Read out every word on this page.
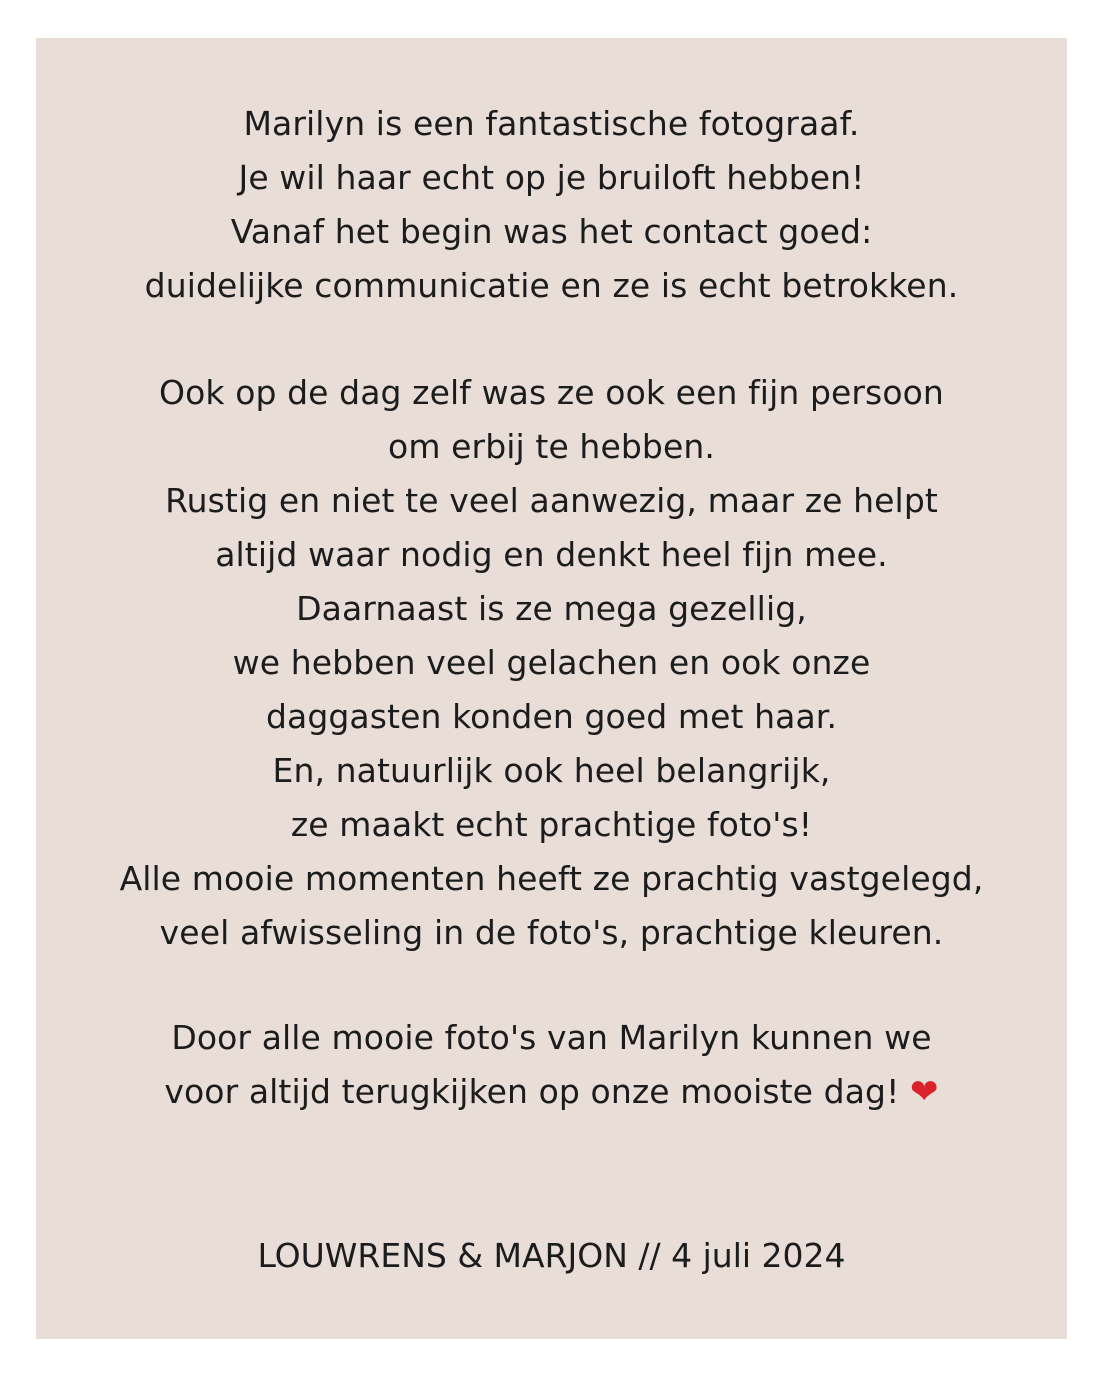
Marilyn is een fantastische fotograaf.
Je wil haar echt op je bruiloft hebben!
Vanaf het begin was het contact goed:
duidelijke communicatie en ze is echt betrokken.
Ook op de dag zelf was ze ook een fijn persoon
om erbij te hebben.
Rustig en niet te veel aanwezig, maar ze helpt
altijd waar nodig en denkt heel fijn mee.
Daarnaast is ze mega gezellig,
we hebben veel gelachen en ook onze
daggasten konden goed met haar.
En, natuurlijk ook heel belangrijk,
ze maakt echt prachtige foto's!
Alle mooie momenten heeft ze prachtig vastgelegd,
veel afwisseling in de foto's, prachtige kleuren.
Door alle mooie foto's van Marilyn kunnen we
voor altijd terugkijken op onze mooiste dag! ❤
LOUWRENS & MARJON // 4 juli 2024
